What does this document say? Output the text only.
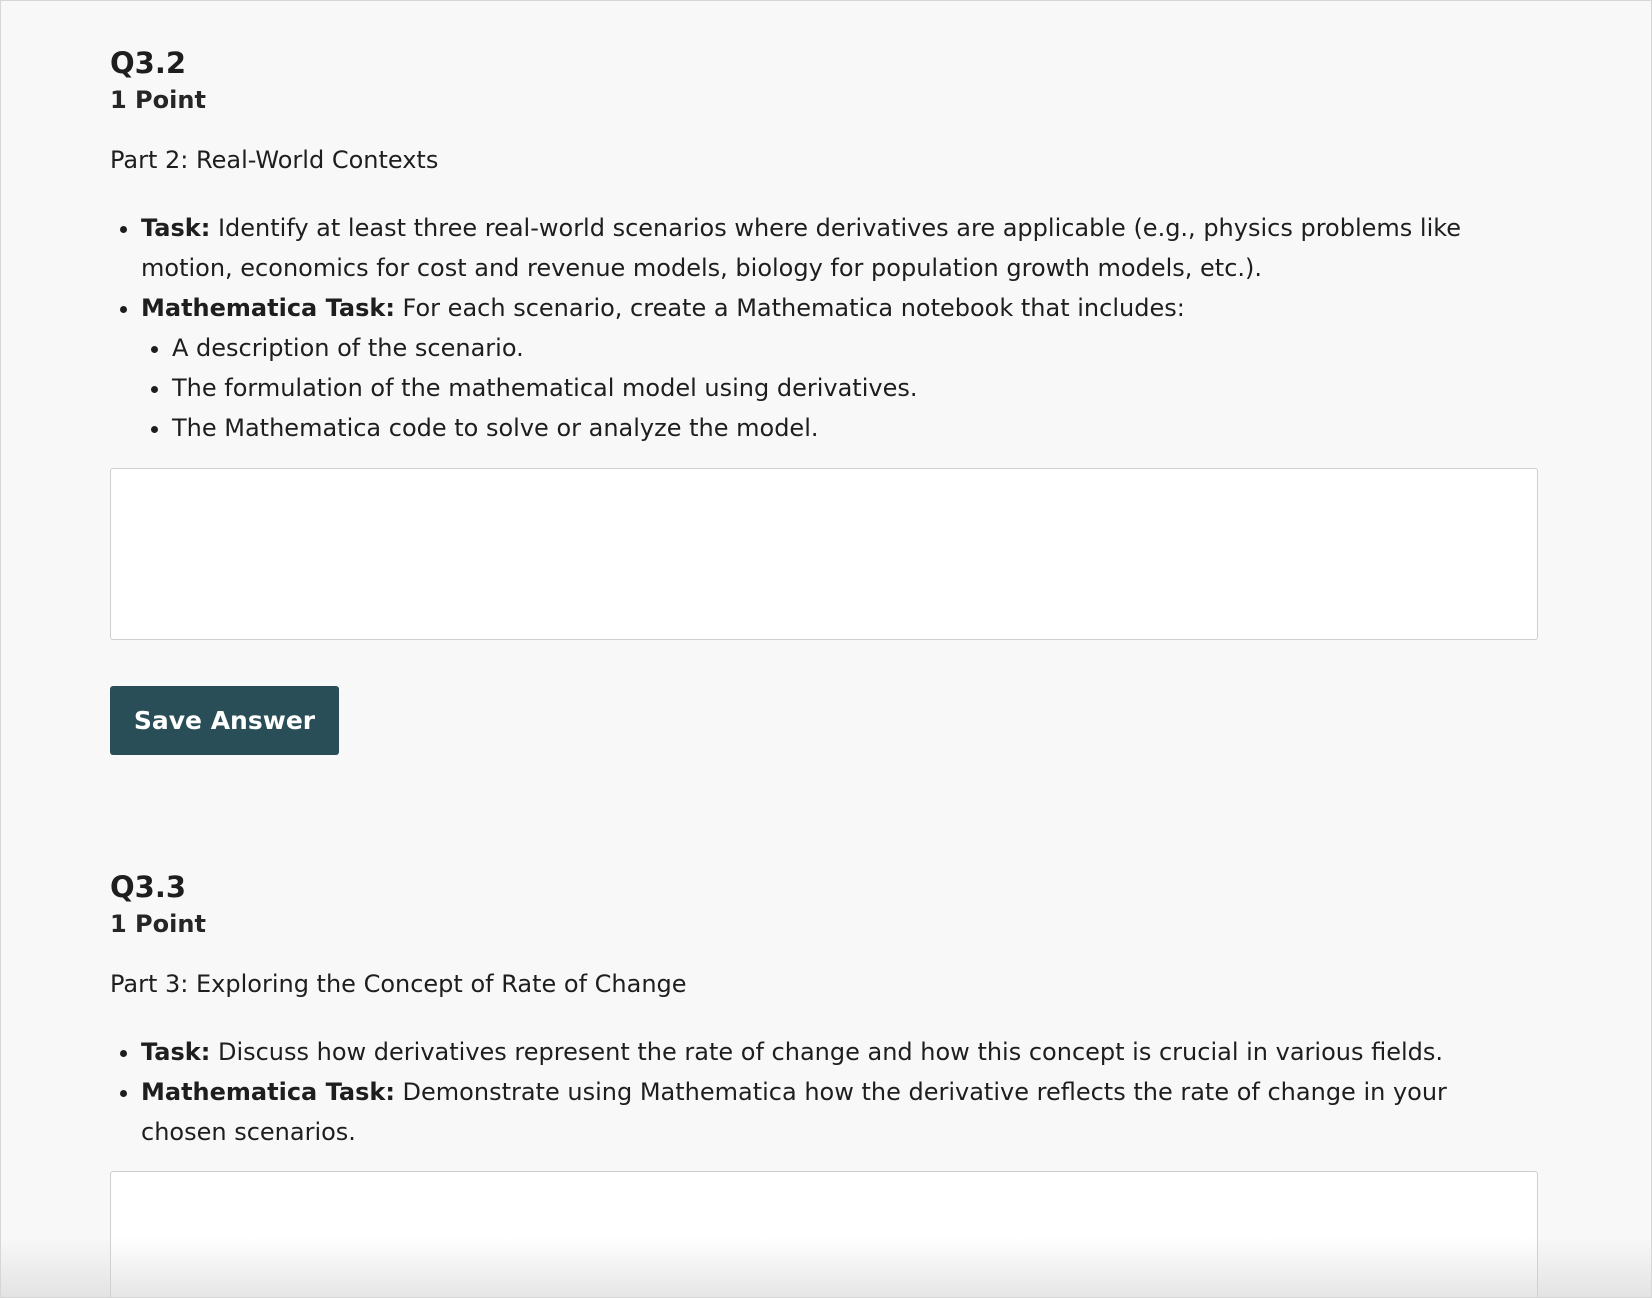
Q3.2
1 Point
Part 2: Real-World Contexts
• Task: Identify at least three real-world scenarios where derivatives are applicable (e.g., physics problems like motion, economics for cost and revenue models, biology for population growth models, etc.).
• Mathematica Task: For each scenario, create a Mathematica notebook that includes:
• A description of the scenario.
• The formulation of the mathematical model using derivatives.
• The Mathematica code to solve or analyze the model.
Save Answer
Q3.3
1 Point
Part 3: Exploring the Concept of Rate of Change
• Task: Discuss how derivatives represent the rate of change and how this concept is crucial in various fields.
• Mathematica Task: Demonstrate using Mathematica how the derivative reflects the rate of change in your chosen scenarios.
